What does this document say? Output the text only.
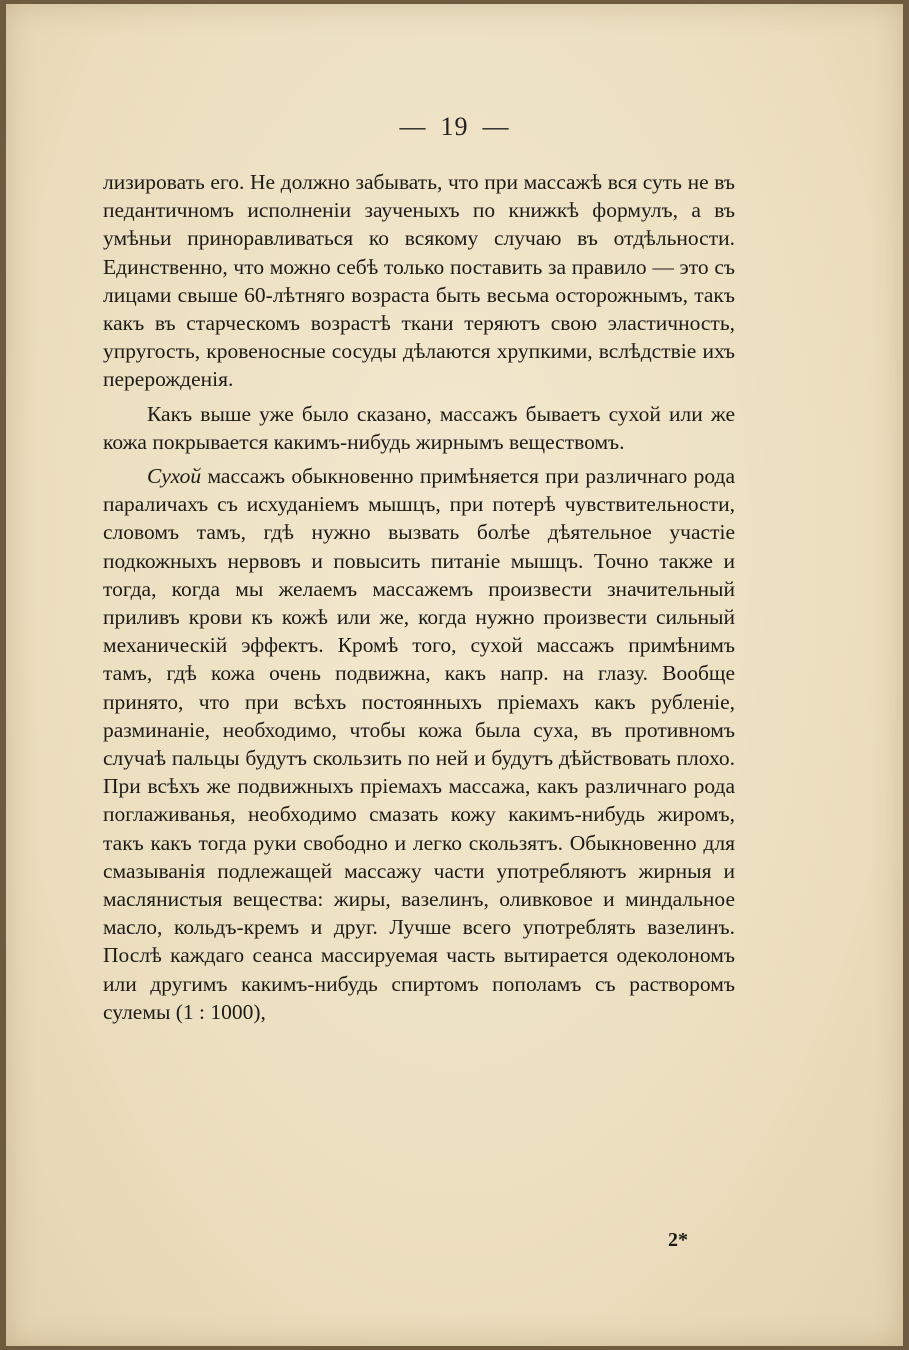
— 19 —

лизировать его. Не должно забывать, что при массажѣ вся суть не въ педантичномъ исполненіи заученыхъ по книжкѣ формулъ, а въ умѣньи приноравливаться ко всякому случаю въ отдѣльности. Единственно, что можно себѣ только поставить за правило — это съ лицами свыше 60-лѣтняго возраста быть весьма осторожнымъ, такъ какъ въ старческомъ возрастѣ ткани теряютъ свою эластичность, упругость, кровеносные сосуды дѣлаются хрупкими, вслѣдствіе ихъ перерожденія.

Какъ выше уже было сказано, массажъ бываетъ сухой или же кожа покрывается какимъ-нибудь жирнымъ веществомъ.

Сухой массажъ обыкновенно примѣняется при различнаго рода параличахъ съ исхуданіемъ мышцъ, при потерѣ чувствительности, словомъ тамъ, гдѣ нужно вызвать болѣе дѣятельное участіе подкожныхъ нервовъ и повысить питаніе мышцъ. Точно также и тогда, когда мы желаемъ массажемъ произвести значительный приливъ крови къ кожѣ или же, когда нужно произвести сильный механическій эффектъ. Кромѣ того, сухой массажъ примѣнимъ тамъ, гдѣ кожа очень подвижна, какъ напр. на глазу. Вообще принято, что при всѣхъ постоянныхъ пріемахъ какъ рубленіе, разминаніе, необходимо, чтобы кожа была суха, въ противномъ случаѣ пальцы будутъ скользить по ней и будутъ дѣйствовать плохо. При всѣхъ же подвижныхъ пріемахъ массажа, какъ различнаго рода поглаживанья, необходимо смазать кожу какимъ-нибудь жиромъ, такъ какъ тогда руки свободно и легко скользятъ. Обыкновенно для смазыванія подлежащей массажу части употребляютъ жирныя и маслянистыя вещества: жиры, вазелинъ, оливковое и миндальное масло, кольдъ-кремъ и друг. Лучше всего употреблять вазелинъ. Послѣ каждаго сеанса массируемая часть вытирается одеколономъ или другимъ какимъ-нибудь спиртомъ пополамъ съ растворомъ сулемы (1 : 1000),

2*
